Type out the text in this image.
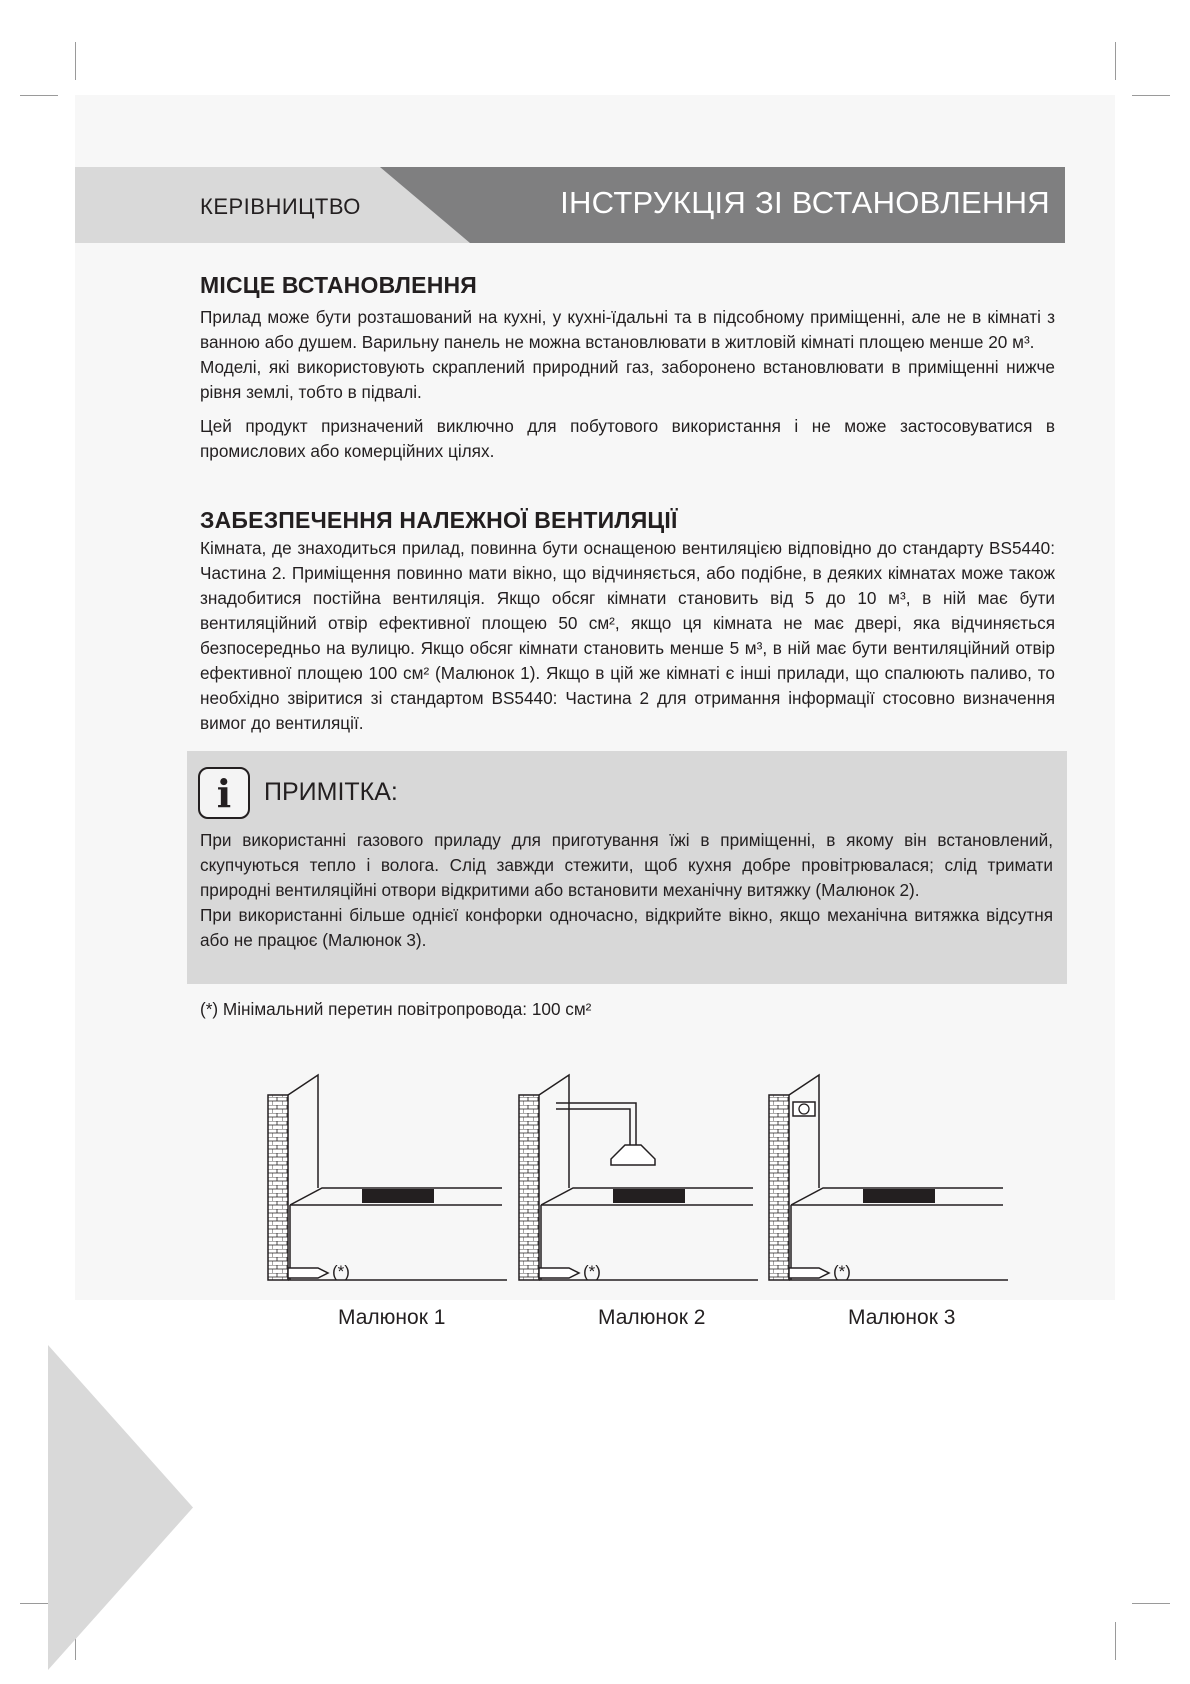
КЕРІВНИЦТВО	ІНСТРУКЦІЯ ЗІ ВСТАНОВЛЕННЯ
МІСЦЕ ВСТАНОВЛЕННЯ

Прилад може бути розташований на кухні, у кухні-їдальні та в підсобному приміщенні, але не в кімнаті з ванною або душем. Варильну панель не можна встановлювати в житловій кімнаті площею менше 20 м³.

Моделі, які використовують скраплений природний газ, заборонено встановлювати в приміщенні нижче рівня землі, тобто в підвалі.

Цей продукт призначений виключно для побутового використання і не може застосовуватися в промислових або комерційних цілях.

ЗАБЕЗПЕЧЕННЯ НАЛЕЖНОЇ ВЕНТИЛЯЦІЇ

Кімната, де знаходиться прилад, повинна бути оснащеною вентиляцією відповідно до стандарту BS5440: Частина 2. Приміщення повинно мати вікно, що відчиняється, або подібне, в деяких кімнатах може також знадобитися постійна вентиляція. Якщо обсяг кімнати становить від 5 до 10 м³, в ній має бути вентиляційний отвір ефективної площею 50 см², якщо ця кімната не має двері, яка відчиняється безпосередньо на вулицю. Якщо обсяг кімнати становить менше 5 м³, в ній має бути вентиляційний отвір ефективної площею 100 см² (Малюнок 1). Якщо в цій же кімнаті є інші прилади, що спалюють паливо, то необхідно звіритися зі стандартом BS5440: Частина 2 для отримання інформації стосовно визначення вимог до вентиляції.

i	ПРИМІТКА:

При використанні газового приладу для приготування їжі в приміщенні, в якому він встановлений, скупчуються тепло і волога. Слід завжди стежити, щоб кухня добре провітрювалася; слід тримати природні вентиляційні отвори відкритими або встановити механічну витяжку (Малюнок 2).

При використанні більше однієї конфорки одночасно, відкрийте вікно, якщо механічна витяжка відсутня або не працює (Малюнок 3).

(*) Мінімальний перетин повітропровода: 100 см²
(*)	(*)	(*)
Малюнок 1	Малюнок 2	Малюнок 3
